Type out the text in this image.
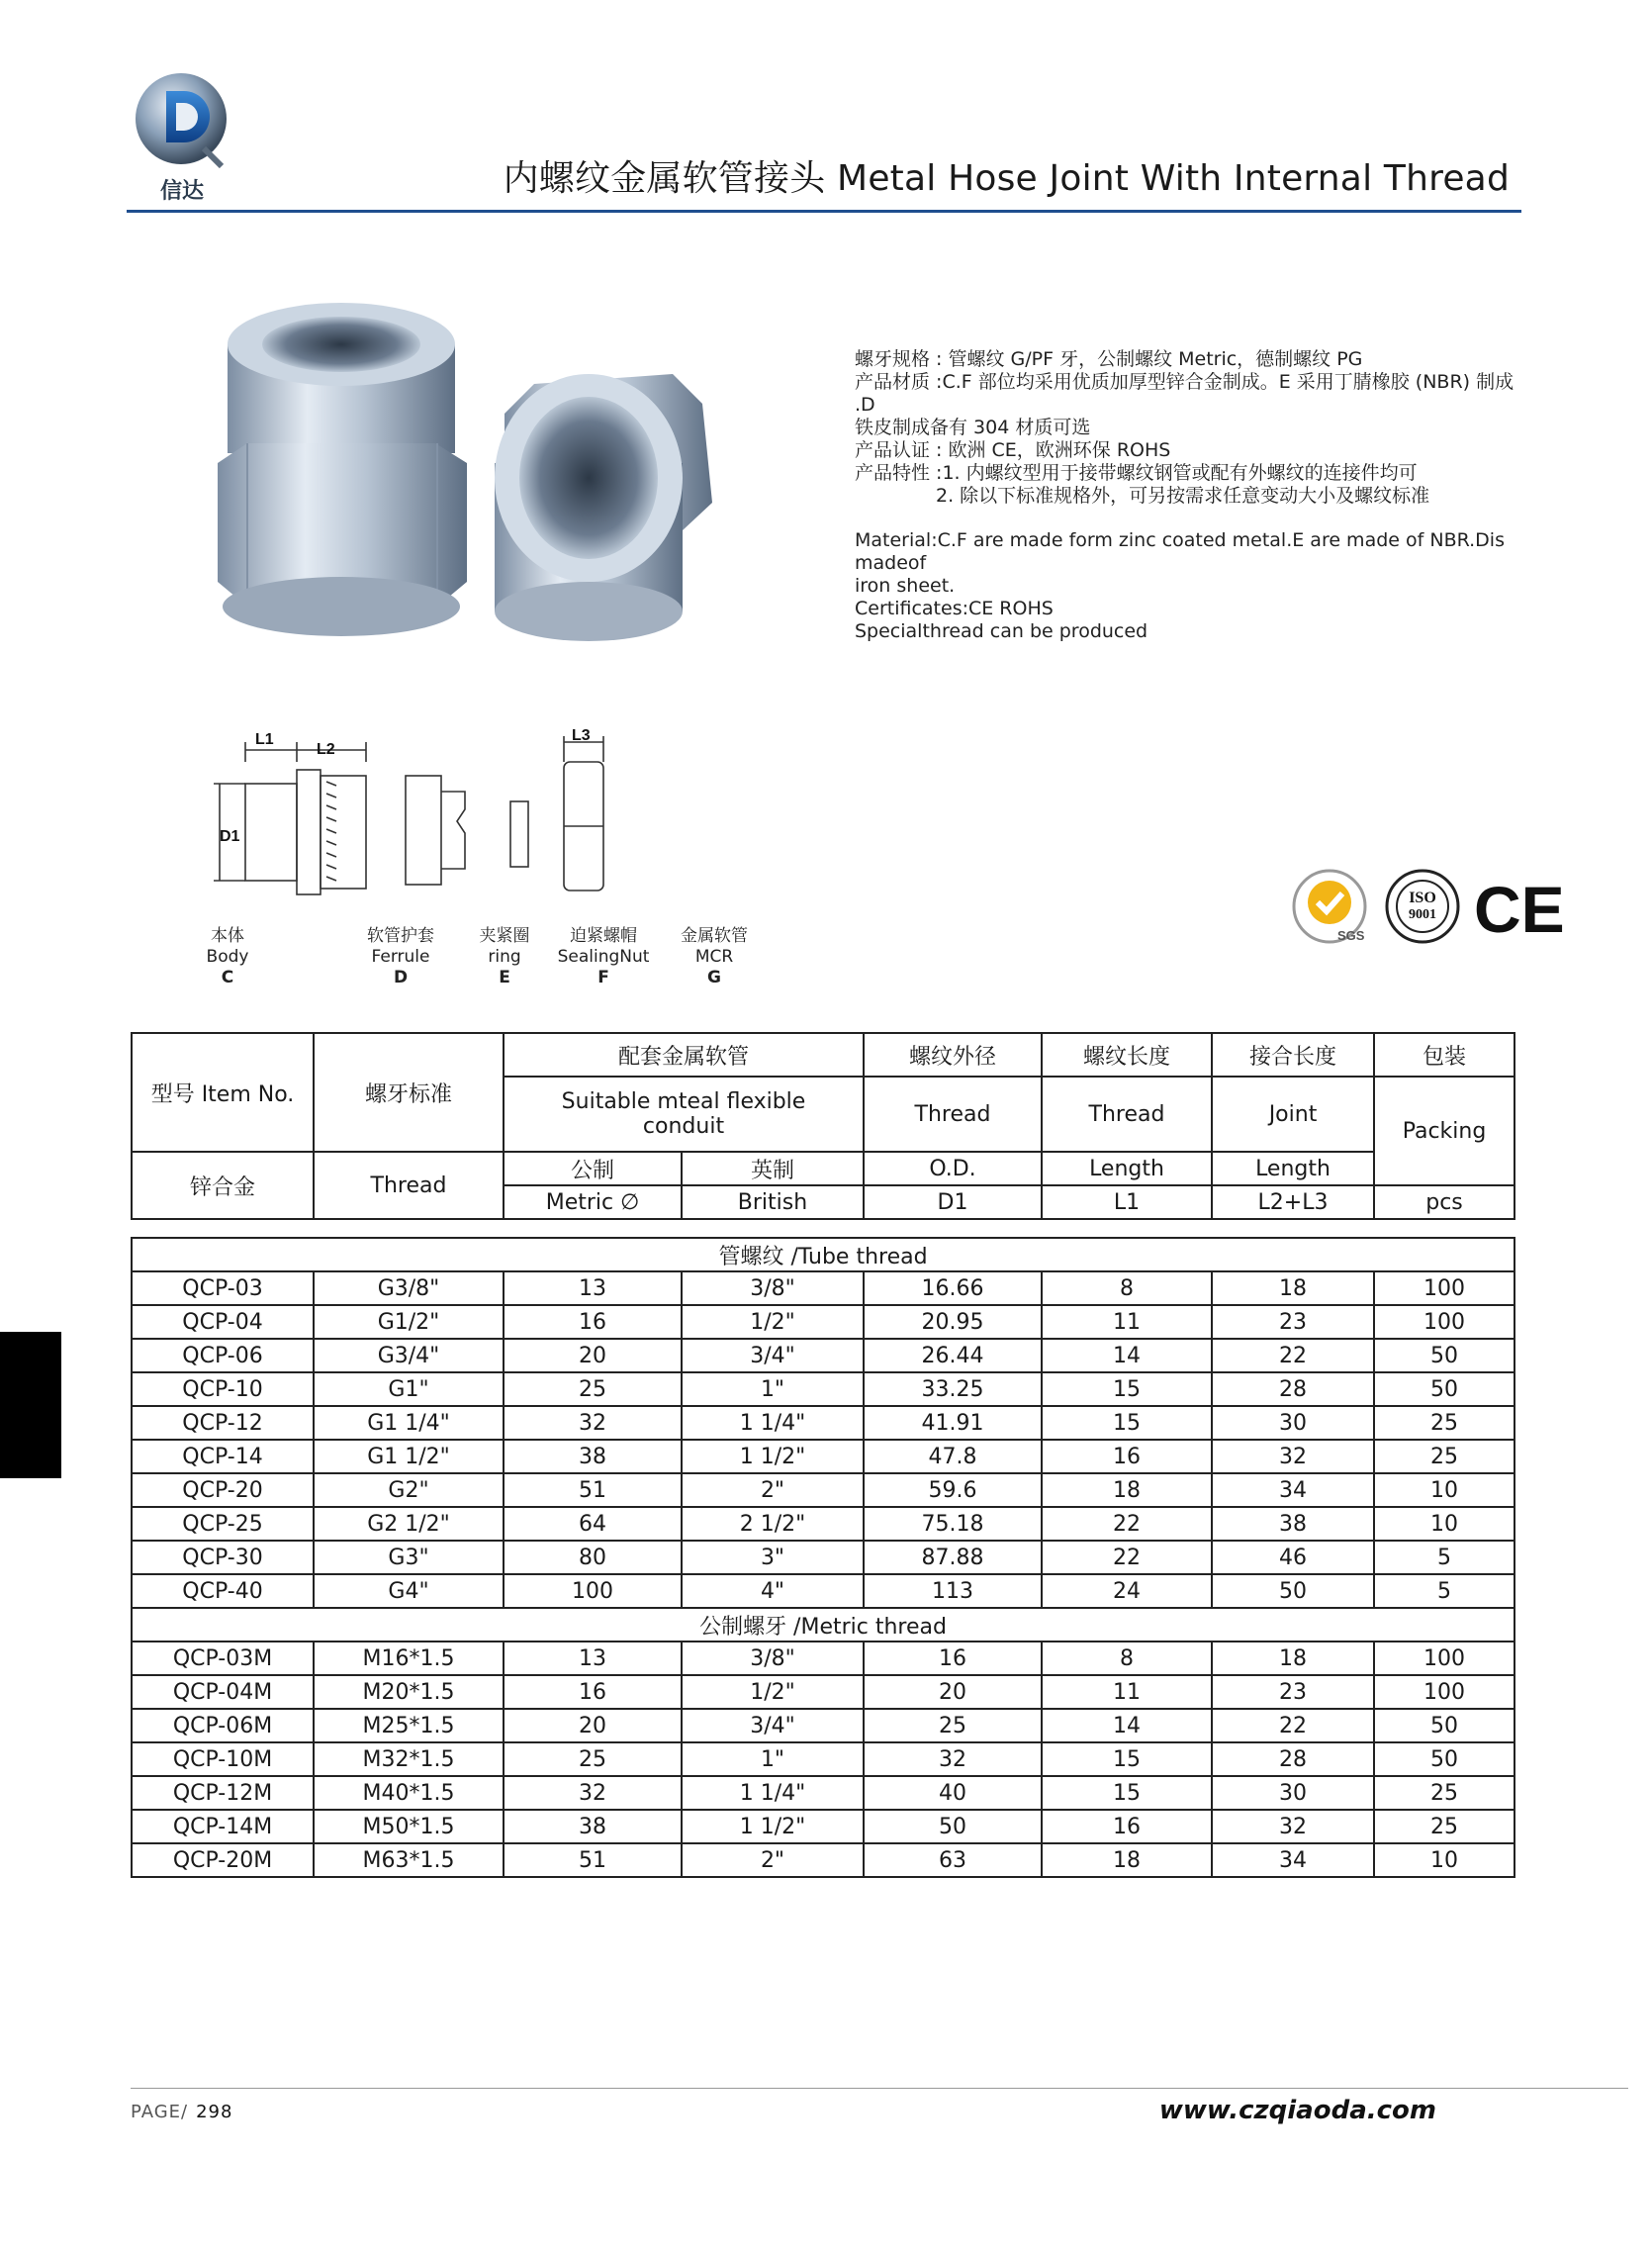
信达	内螺纹金属软管接头 Metal Hose Joint With Internal Thread

螺牙规格 : 管螺纹 G/PF 牙，公制螺纹 Metric，德制螺纹 PG

产品材质 :C.F 部位均采用优质加厚型锌合金制成。E 采用丁腈橡胶 (NBR) 制成 .D

铁皮制成备有 304 材质可选

产品认证 : 欧洲 CE，欧洲环保 ROHS

产品特性 :1. 内螺纹型用于接带螺纹钢管或配有外螺纹的连接件均可

2. 除以下标准规格外，可另按需求任意变动大小及螺纹标准

Material:C.F are made form zinc coated metal.E are made of NBR.Dis madeof

iron sheet.

Certificates:CE ROHS

Specialthread can be produced

L1
L2
L3
D1
本体
Body
C
软管护套
Ferrule
D
夹紧圈
ring
E
迫紧螺帽
SealingNut
F
金属软管
MCR
G
SGS
ISO
9001 CE
型号 Item No.	螺牙标准	配套金属软管		螺纹外径	螺纹长度	接合长度	包装
		Suitable mteal flexible conduit		Thread	Thread	Joint	Packing
锌合金	Thread	公制	英制	O.D.	Length	Length	
		Metric ∅	British	D1	L1	L2+L3	pcs
管螺纹 /Tube thread							
QCP-03	G3/8"	13	3/8"	16.66	8	18	100
QCP-04	G1/2"	16	1/2"	20.95	11	23	100
QCP-06	G3/4"	20	3/4"	26.44	14	22	50
QCP-10	G1"	25	1"	33.25	15	28	50
QCP-12	G1 1/4"	32	1 1/4"	41.91	15	30	25
QCP-14	G1 1/2"	38	1 1/2"	47.8	16	32	25
QCP-20	G2"	51	2"	59.6	18	34	10
QCP-25	G2 1/2"	64	2 1/2"	75.18	22	38	10
QCP-30	G3"	80	3"	87.88	22	46	5
QCP-40	G4"	100	4"	113	24	50	5
公制螺牙 /Metric thread							
QCP-03M	M16*1.5	13	3/8"	16	8	18	100
QCP-04M	M20*1.5	16	1/2"	20	11	23	100
QCP-06M	M25*1.5	20	3/4"	25	14	22	50
QCP-10M	M32*1.5	25	1"	32	15	28	50
QCP-12M	M40*1.5	32	1 1/4"	40	15	30	25
QCP-14M	M50*1.5	38	1 1/2"	50	16	32	25
QCP-20M	M63*1.5	51	2"	63	18	34	10
PAGE/ 298	www.czqiaoda.com
